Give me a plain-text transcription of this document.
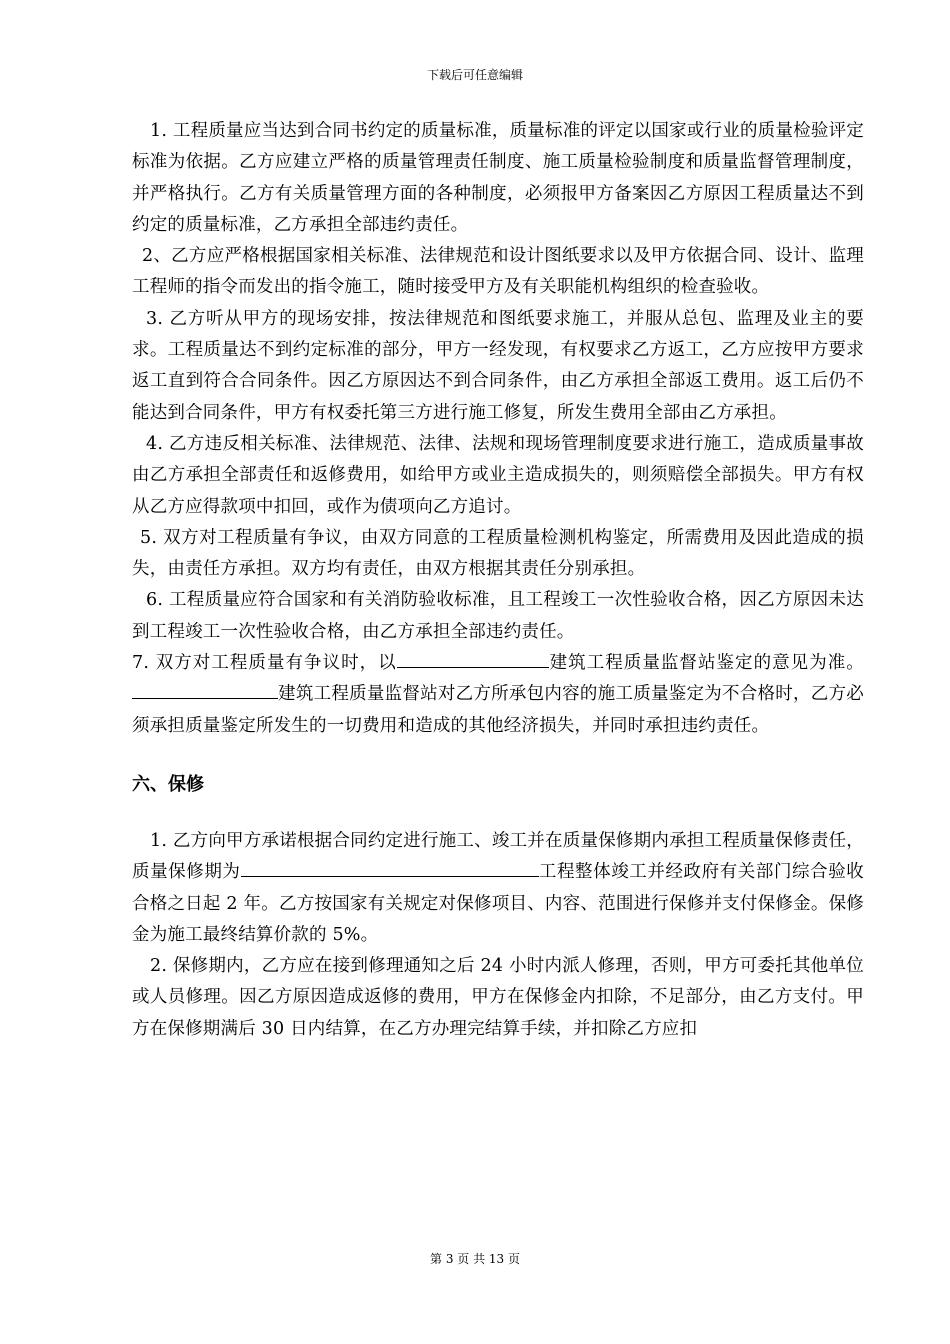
下载后可任意编辑

1. 工程质量应当达到合同书约定的质量标准，质量标准的评定以国家或行业的质量检验评定标准为依据。乙方应建立严格的质量管理责任制度、施工质量检验制度和质量监督管理制度，并严格执行。乙方有关质量管理方面的各种制度，必须报甲方备案因乙方原因工程质量达不到约定的质量标准，乙方承担全部违约责任。

2、乙方应严格根据国家相关标准、法律规范和设计图纸要求以及甲方依据合同、设计、监理工程师的指令而发出的指令施工，随时接受甲方及有关职能机构组织的检查验收。

3. 乙方听从甲方的现场安排，按法律规范和图纸要求施工，并服从总包、监理及业主的要求。工程质量达不到约定标准的部分，甲方一经发现，有权要求乙方返工，乙方应按甲方要求返工直到符合合同条件。因乙方原因达不到合同条件，由乙方承担全部返工费用。返工后仍不能达到合同条件，甲方有权委托第三方进行施工修复，所发生费用全部由乙方承担。

4. 乙方违反相关标准、法律规范、法律、法规和现场管理制度要求进行施工，造成质量事故由乙方承担全部责任和返修费用，如给甲方或业主造成损失的，则须赔偿全部损失。甲方有权从乙方应得款项中扣回，或作为债项向乙方追讨。

5. 双方对工程质量有争议，由双方同意的工程质量检测机构鉴定，所需费用及因此造成的损失，由责任方承担。双方均有责任，由双方根据其责任分别承担。

6. 工程质量应符合国家和有关消防验收标准，且工程竣工一次性验收合格，因乙方原因未达到工程竣工一次性验收合格，由乙方承担全部违约责任。

7. 双方对工程质量有争议时，以	建筑工程质量监督站鉴定的意见为准。建筑工程质量监督站对乙方所承包内容的施工质量鉴定为不合格时，乙方必须承担质量鉴定所发生的一切费用和造成的其他经济损失，并同时承担违约责任。

六、保修

1. 乙方向甲方承诺根据合同约定进行施工、竣工并在质量保修期内承担工程质量保修责任，质量保修期为	工程整体竣工并经政府有关部门综合验收合格之日起 2 年。乙方按国家有关规定对保修项目、内容、范围进行保修并支付保修金。保修金为施工最终结算价款的 5%。

2. 保修期内，乙方应在接到修理通知之后 24 小时内派人修理，否则，甲方可委托其他单位或人员修理。因乙方原因造成返修的费用，甲方在保修金内扣除，不足部分，由乙方支付。甲方在保修期满后 30 日内结算，在乙方办理完结算手续，并扣除乙方应扣

第 3 页 共 13 页
